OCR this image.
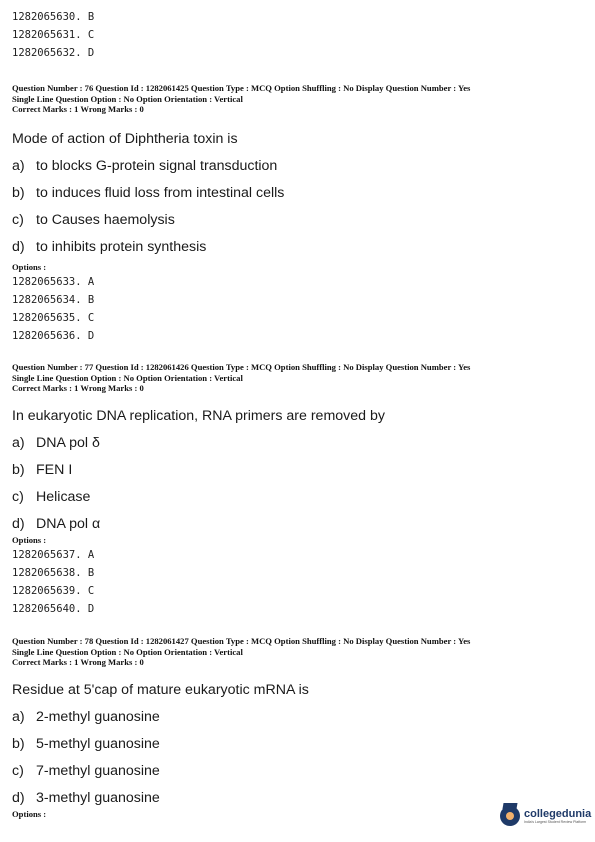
1282065630. B
1282065631. C
1282065632. D
Question Number : 76 Question Id : 1282061425 Question Type : MCQ Option Shuffling : No Display Question Number : Yes
Single Line Question Option : No Option Orientation : Vertical
Correct Marks : 1 Wrong Marks : 0

Mode of action of Diphtheria toxin is

a) to blocks G-protein signal transduction
b) to induces fluid loss from intestinal cells
c) to Causes haemolysis
d) to inhibits protein synthesis
Options :
1282065633. A
1282065634. B
1282065635. C
1282065636. D
Question Number : 77 Question Id : 1282061426 Question Type : MCQ Option Shuffling : No Display Question Number : Yes
Single Line Question Option : No Option Orientation : Vertical
Correct Marks : 1 Wrong Marks : 0

In eukaryotic DNA replication, RNA primers are removed by

a) DNA pol δ
b) FEN I
c) Helicase
d) DNA pol α
Options :
1282065637. A
1282065638. B
1282065639. C
1282065640. D
Question Number : 78 Question Id : 1282061427 Question Type : MCQ Option Shuffling : No Display Question Number : Yes
Single Line Question Option : No Option Orientation : Vertical
Correct Marks : 1 Wrong Marks : 0

Residue at 5'cap of mature eukaryotic mRNA is

a) 2-methyl guanosine
b) 5-methyl guanosine
c) 7-methyl guanosine
d) 3-methyl guanosine
Options :	collegedunia
India's Largest Student Review Platform
